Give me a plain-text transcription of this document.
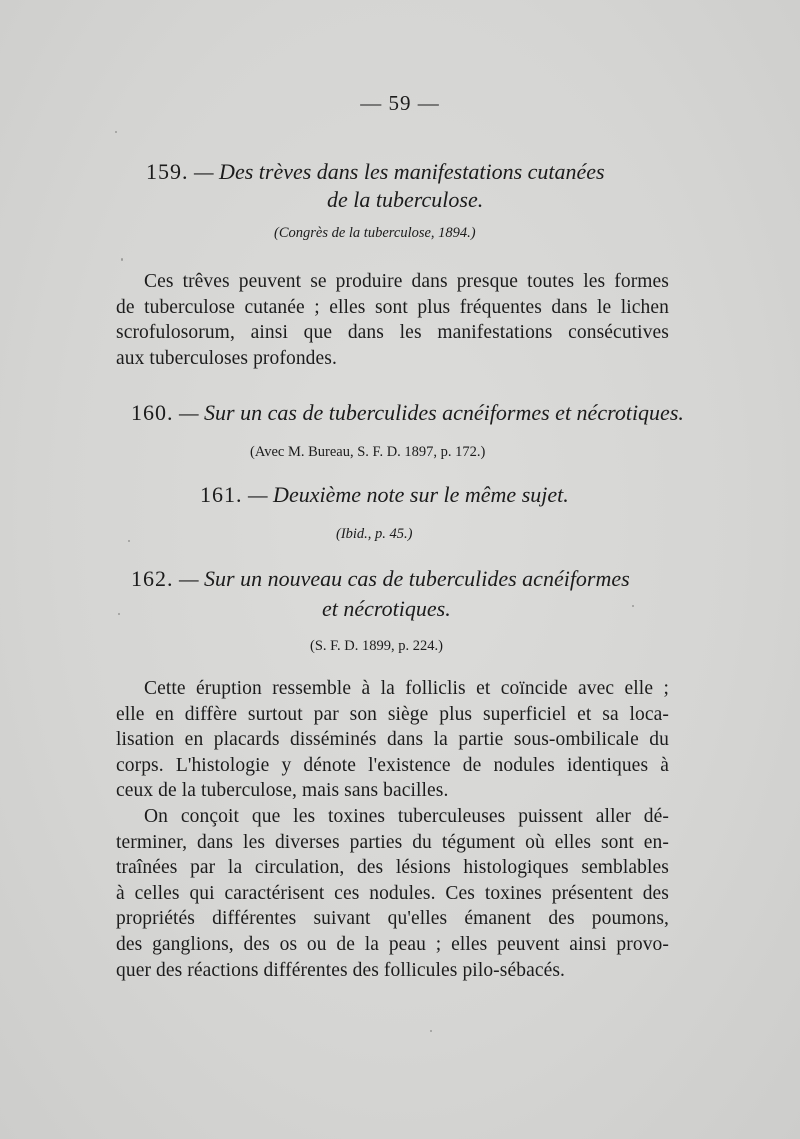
— 59 —
159. — Des trèves dans les manifestations cutanées
de la tuberculose.
(Congrès de la tuberculose, 1894.)
Ces trêves peuvent se produire dans presque toutes les formes
de tuberculose cutanée ; elles sont plus fréquentes dans le lichen
scrofulosorum, ainsi que dans les manifestations consécutives
aux tuberculoses profondes.
160. — Sur un cas de tuberculides acnéiformes et nécrotiques.
(Avec M. Bureau, S. F. D. 1897, p. 172.)
161. — Deuxième note sur le même sujet.
(Ibid., p. 45.)
162. — Sur un nouveau cas de tuberculides acnéiformes
et nécrotiques.
(S. F. D. 1899, p. 224.)
Cette éruption ressemble à la folliclis et coïncide avec elle ;
elle en diffère surtout par son siège plus superficiel et sa loca-
lisation en placards disséminés dans la partie sous-ombilicale du
corps. L'histologie y dénote l'existence de nodules identiques à
ceux de la tuberculose, mais sans bacilles.
On conçoit que les toxines tuberculeuses puissent aller dé-
terminer, dans les diverses parties du tégument où elles sont en-
traînées par la circulation, des lésions histologiques semblables
à celles qui caractérisent ces nodules. Ces toxines présentent des
propriétés différentes suivant qu'elles émanent des poumons,
des ganglions, des os ou de la peau ; elles peuvent ainsi provo-
quer des réactions différentes des follicules pilo-sébacés.
